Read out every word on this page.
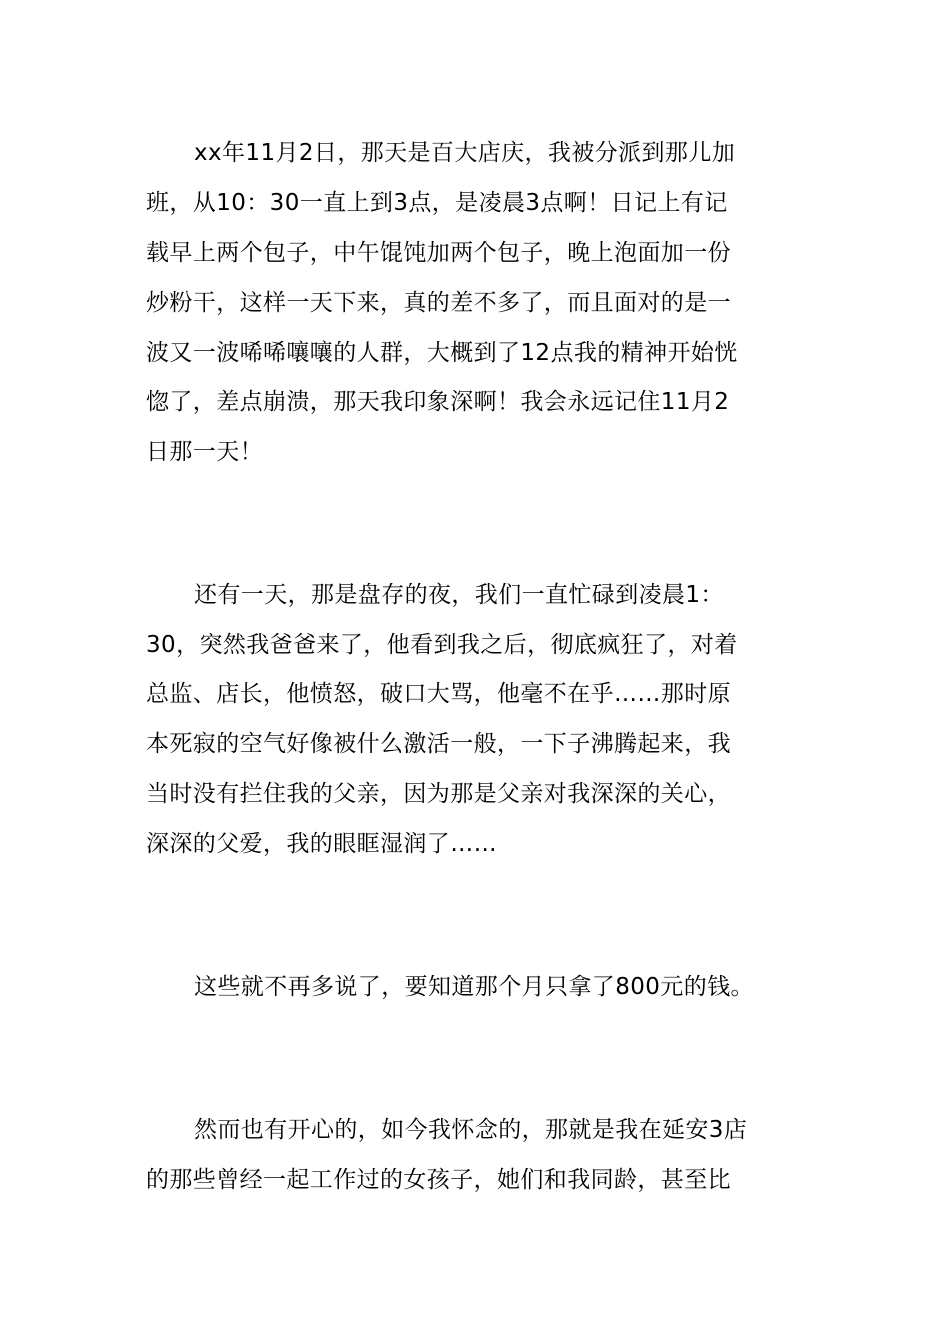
xx年11月2日，那天是百大店庆，我被分派到那儿加
班，从10：30一直上到3点，是凌晨3点啊！日记上有记
载早上两个包子，中午馄饨加两个包子，晚上泡面加一份
炒粉干，这样一天下来，真的差不多了，而且面对的是一
波又一波唏唏嚷嚷的人群，大概到了12点我的精神开始恍
惚了，差点崩溃，那天我印象深啊！我会永远记住11月2
日那一天！
还有一天，那是盘存的夜，我们一直忙碌到凌晨1：
30，突然我爸爸来了，他看到我之后，彻底疯狂了，对着
总监、店长，他愤怒，破口大骂，他毫不在乎……那时原
本死寂的空气好像被什么激活一般，一下子沸腾起来，我
当时没有拦住我的父亲，因为那是父亲对我深深的关心，
深深的父爱，我的眼眶湿润了……
这些就不再多说了，要知道那个月只拿了800元的钱。
然而也有开心的，如今我怀念的，那就是我在延安3店
的那些曾经一起工作过的女孩子，她们和我同龄，甚至比
